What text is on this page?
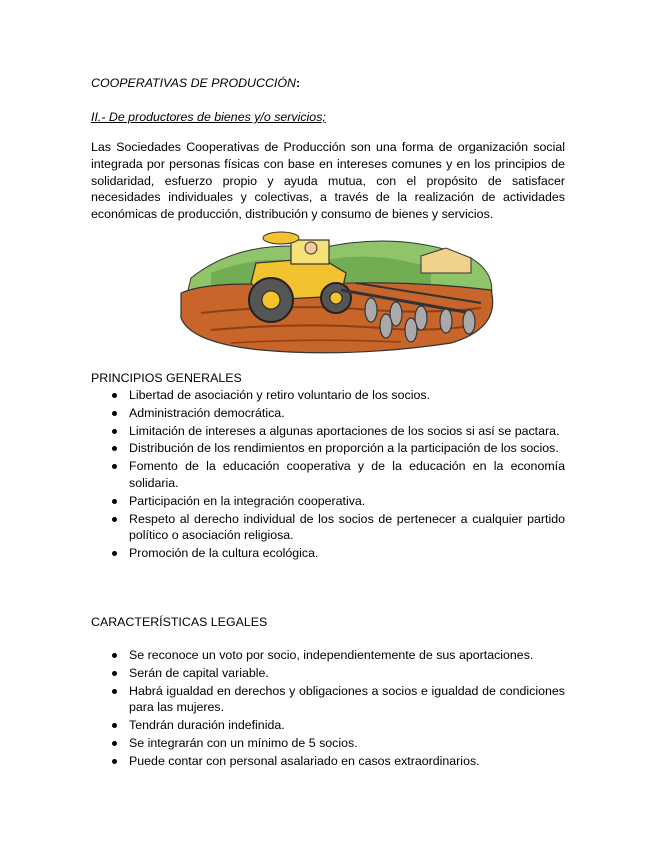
COOPERATIVAS DE PRODUCCIÓN:
II.- De productores de bienes y/o servicios;
Las Sociedades Cooperativas de Producción son una forma de organización social integrada por personas físicas con base en intereses comunes y en los principios de solidaridad, esfuerzo propio y ayuda mutua, con el propósito de satisfacer necesidades individuales y colectivas, a través de la realización de actividades económicas de producción, distribución y consumo de bienes y servicios.
PRINCIPIOS GENERALES
Libertad de asociación y retiro voluntario de los socios.
Administración democrática.
Limitación de intereses a algunas aportaciones de los socios si así se pactara.
Distribución de los rendimientos en proporción a la participación de los socios.
Fomento de la educación cooperativa y de la educación en la economía solidaria.
Participación en la integración cooperativa.
Respeto al derecho individual de los socios de pertenecer a cualquier partido político o asociación religiosa.
Promoción de la cultura ecológica.
CARACTERÍSTICAS LEGALES
Se reconoce un voto por socio, independientemente de sus aportaciones.
Serán de capital variable.
Habrá igualdad en derechos y obligaciones a socios e igualdad de condiciones para las mujeres.
Tendrán duración indefinida.
Se integrarán con un mínimo de 5 socios.
Puede contar con personal asalariado en casos extraordinarios.
